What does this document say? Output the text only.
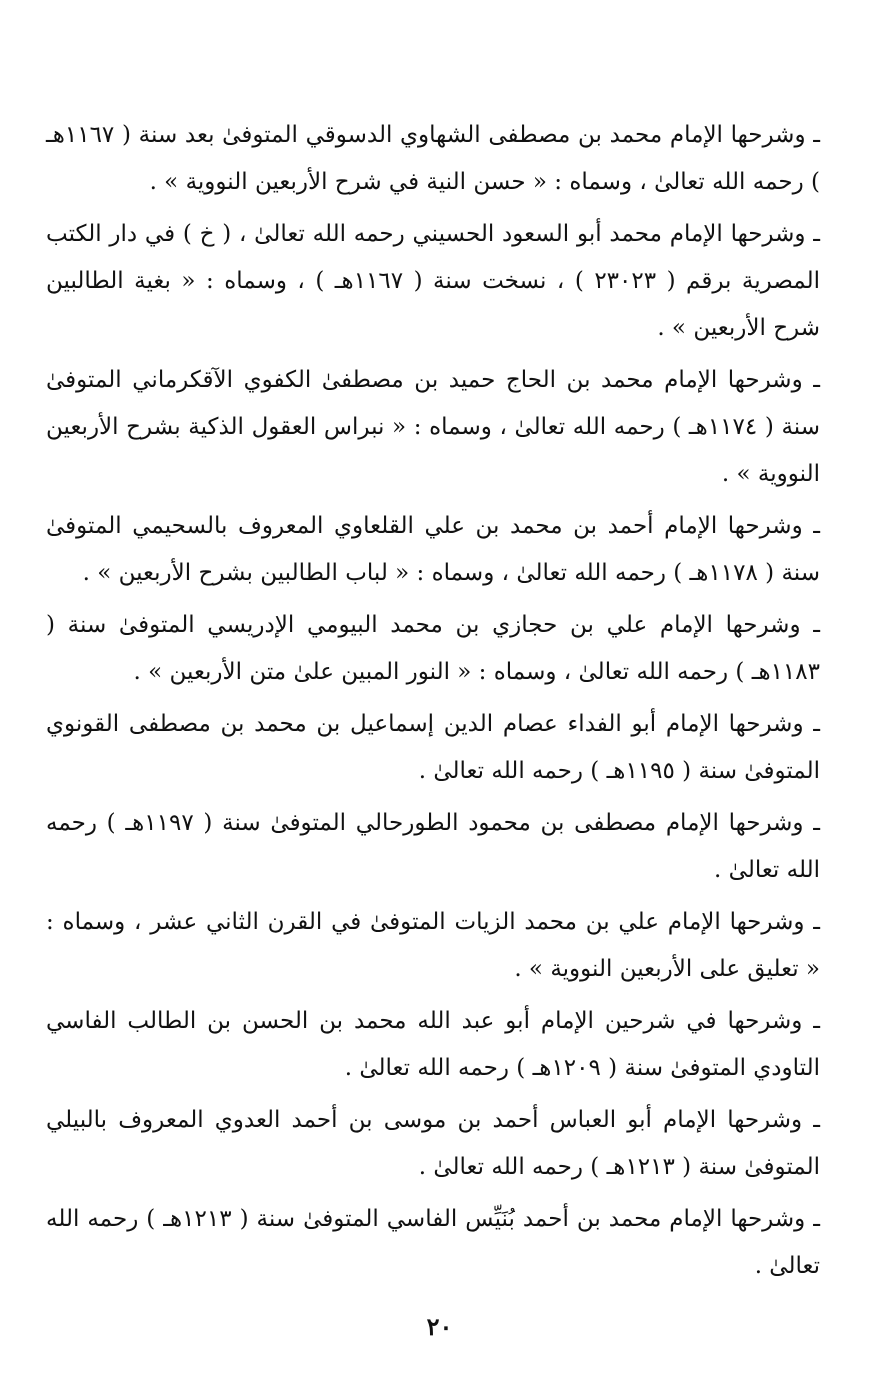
ـ وشرحها الإمام محمد بن مصطفى الشهاوي الدسوقي المتوفىٰ بعد سنة ( ١١٦٧هـ ) رحمه الله تعالىٰ ، وسماه : « حسن النية في شرح الأربعين النووية » .

ـ وشرحها الإمام محمد أبو السعود الحسيني رحمه الله تعالىٰ ، ( خ ) في دار الكتب المصرية برقم ( ٢٣٠٢٣ ) ، نسخت سنة ( ١١٦٧هـ ) ، وسماه : « بغية الطالبين شرح الأربعين » .

ـ وشرحها الإمام محمد بن الحاج حميد بن مصطفىٰ الكفوي الآقكرماني المتوفىٰ سنة ( ١١٧٤هـ ) رحمه الله تعالىٰ ، وسماه : « نبراس العقول الذكية بشرح الأربعين النووية » .

ـ وشرحها الإمام أحمد بن محمد بن علي القلعاوي المعروف بالسحيمي المتوفىٰ سنة ( ١١٧٨هـ ) رحمه الله تعالىٰ ، وسماه : « لباب الطالبين بشرح الأربعين » .

ـ وشرحها الإمام علي بن حجازي بن محمد البيومي الإدريسي المتوفىٰ سنة ( ١١٨٣هـ ) رحمه الله تعالىٰ ، وسماه : « النور المبين علىٰ متن الأربعين » .

ـ وشرحها الإمام أبو الفداء عصام الدين إسماعيل بن محمد بن مصطفى القونوي المتوفىٰ سنة ( ١١٩٥هـ ) رحمه الله تعالىٰ .

ـ وشرحها الإمام مصطفى بن محمود الطورحالي المتوفىٰ سنة ( ١١٩٧هـ ) رحمه الله تعالىٰ .

ـ وشرحها الإمام علي بن محمد الزيات المتوفىٰ في القرن الثاني عشر ، وسماه : « تعليق على الأربعين النووية » .

ـ وشرحها في شرحين الإمام أبو عبد الله محمد بن الحسن بن الطالب الفاسي التاودي المتوفىٰ سنة ( ١٢٠٩هـ ) رحمه الله تعالىٰ .

ـ وشرحها الإمام أبو العباس أحمد بن موسى بن أحمد العدوي المعروف بالبيلي المتوفىٰ سنة ( ١٢١٣هـ ) رحمه الله تعالىٰ .

ـ وشرحها الإمام محمد بن أحمد بُنَيِّس الفاسي المتوفىٰ سنة ( ١٢١٣هـ ) رحمه الله تعالىٰ .

٢٠
